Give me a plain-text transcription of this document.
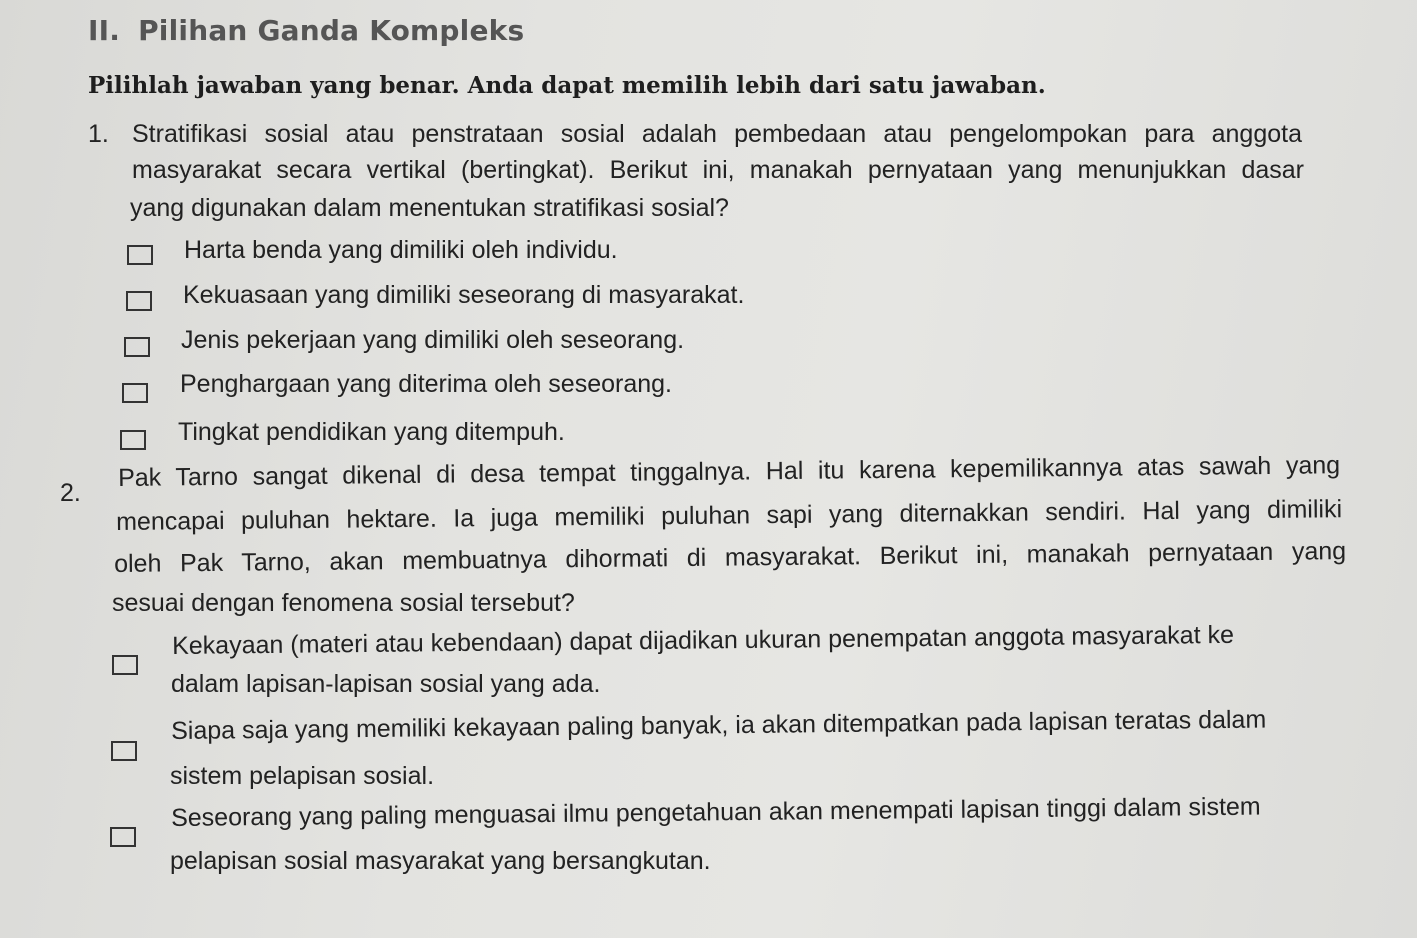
II. Pilihan Ganda Kompleks
Pilihlah jawaban yang benar. Anda dapat memilih lebih dari satu jawaban.
1. Stratifikasi sosial atau penstrataan sosial adalah pembedaan atau pengelompokan para anggota
masyarakat secara vertikal (bertingkat). Berikut ini, manakah pernyataan yang menunjukkan dasar
yang digunakan dalam menentukan stratifikasi sosial?
Harta benda yang dimiliki oleh individu.
Kekuasaan yang dimiliki seseorang di masyarakat.
Jenis pekerjaan yang dimiliki oleh seseorang.
Penghargaan yang diterima oleh seseorang.
Tingkat pendidikan yang ditempuh.
2.
Pak Tarno sangat dikenal di desa tempat tinggalnya. Hal itu karena kepemilikannya atas sawah yang
mencapai puluhan hektare. Ia juga memiliki puluhan sapi yang diternakkan sendiri. Hal yang dimiliki
oleh Pak Tarno, akan membuatnya dihormati di masyarakat. Berikut ini, manakah pernyataan yang
sesuai dengan fenomena sosial tersebut?
Kekayaan (materi atau kebendaan) dapat dijadikan ukuran penempatan anggota masyarakat ke
dalam lapisan-lapisan sosial yang ada.
Siapa saja yang memiliki kekayaan paling banyak, ia akan ditempatkan pada lapisan teratas dalam
sistem pelapisan sosial.
Seseorang yang paling menguasai ilmu pengetahuan akan menempati lapisan tinggi dalam sistem
pelapisan sosial masyarakat yang bersangkutan.
